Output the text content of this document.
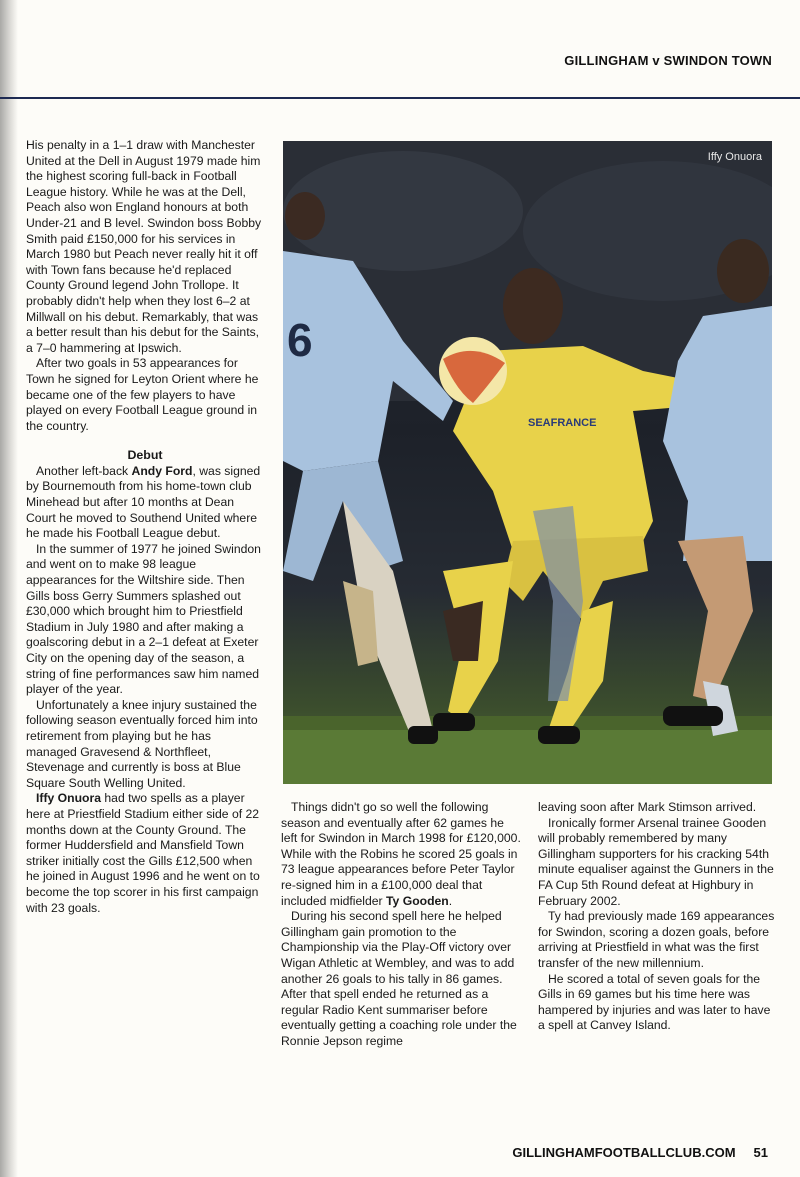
GILLINGHAM v SWINDON TOWN

His penalty in a 1–1 draw with Manchester United at the Dell in August 1979 made him the highest scoring full-back in Football League history. While he was at the Dell, Peach also won England honours at both Under-21 and B level. Swindon boss Bobby Smith paid £150,000 for his services in March 1980 but Peach never really hit it off with Town fans because he'd replaced County Ground legend John Trollope. It probably didn't help when they lost 6–2 at Millwall on his debut. Remarkably, that was a better result than his debut for the Saints, a 7–0 hammering at Ipswich.

After two goals in 53 appearances for Town he signed for Leyton Orient where he became one of the few players to have played on every Football League ground in the country.

Debut

Another left-back Andy Ford, was signed by Bournemouth from his home-town club Minehead but after 10 months at Dean Court he moved to Southend United where he made his Football League debut.

In the summer of 1977 he joined Swindon and went on to make 98 league appearances for the Wiltshire side. Then Gills boss Gerry Summers splashed out £30,000 which brought him to Priestfield Stadium in July 1980 and after making a goalscoring debut in a 2–1 defeat at Exeter City on the opening day of the season, a string of fine performances saw him named player of the year.

Unfortunately a knee injury sustained the following season eventually forced him into retirement from playing but he has managed Gravesend & Northfleet, Stevenage and currently is boss at Blue Square South Welling United.

Iffy Onuora had two spells as a player here at Priestfield Stadium either side of 22 months down at the County Ground. The former Huddersfield and Mansfield Town striker initially cost the Gills £12,500 when he joined in August 1996 and he went on to become the top scorer in his first campaign with 23 goals.

6
SEAFRANCE
Iffy Onuora

Things didn't go so well the following season and eventually after 62 games he left for Swindon in March 1998 for £120,000. While with the Robins he scored 25 goals in 73 league appearances before Peter Taylor re-signed him in a £100,000 deal that included midfielder Ty Gooden.

During his second spell here he helped Gillingham gain promotion to the Championship via the Play-Off victory over Wigan Athletic at Wembley, and was to add another 26 goals to his tally in 86 games. After that spell ended he returned as a regular Radio Kent summariser before eventually getting a coaching role under the Ronnie Jepson regime

leaving soon after Mark Stimson arrived.

Ironically former Arsenal trainee Gooden will probably remembered by many Gillingham supporters for his cracking 54th minute equaliser against the Gunners in the FA Cup 5th Round defeat at Highbury in February 2002.

Ty had previously made 169 appearances for Swindon, scoring a dozen goals, before arriving at Priestfield in what was the first transfer of the new millennium.

He scored a total of seven goals for the Gills in 69 games but his time here was hampered by injuries and was later to have a spell at Canvey Island.

GILLINGHAMFOOTBALLCLUB.COM 51
